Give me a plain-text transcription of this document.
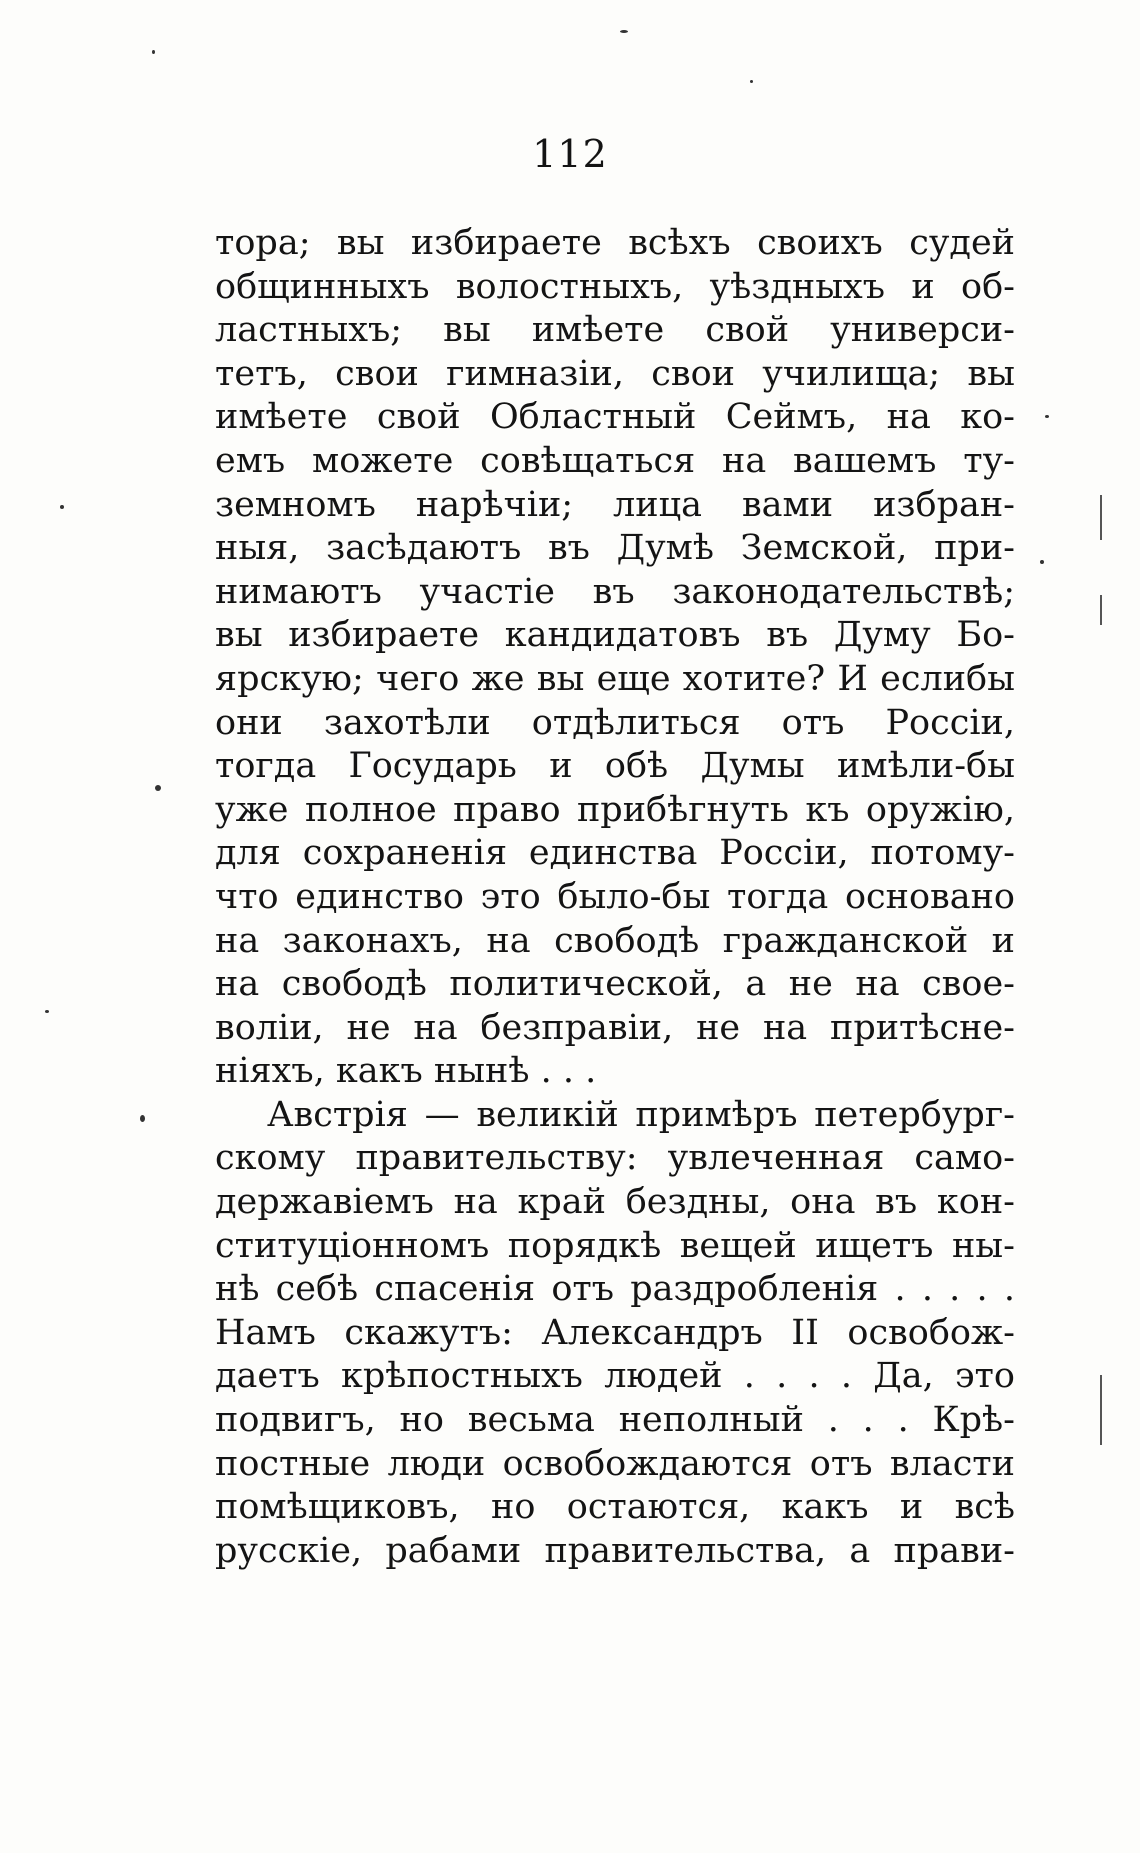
112
тора; вы избираете всѣхъ своихъ судей
общинныхъ волостныхъ, уѣздныхъ и об-
ластныхъ; вы имѣете свой универси-
тетъ, свои гимназіи, свои училища; вы
имѣете свой Областный Сеймъ, на ко-
емъ можете совѣщаться на вашемъ ту-
земномъ нарѣчіи; лица вами избран-
ныя, засѣдаютъ въ Думѣ Земской, при-
нимаютъ участіе въ законодательствѣ;
вы избираете кандидатовъ въ Думу Бо-
ярскую; чего же вы еще хотите? И еслибы
они захотѣли отдѣлиться отъ Россіи,
тогда Государь и обѣ Думы имѣли-бы
уже полное право прибѣгнуть къ оружію,
для сохраненія единства Россіи, потому-
что единство это было-бы тогда основано
на законахъ, на свободѣ гражданской и
на свободѣ политической, а не на свое-
воліи, не на безправіи, не на притѣсне-
ніяхъ, какъ нынѣ . . .
Австрія — великій примѣръ петербург-
скому правительству: увлеченная само-
державіемъ на край бездны, она въ кон-
ституціонномъ порядкѣ вещей ищетъ ны-
нѣ себѣ спасенія отъ раздробленія . . . . .
Намъ скажутъ: Александръ II освобож-
даетъ крѣпостныхъ людей . . . . Да, это
подвигъ, но весьма неполный . . . Крѣ-
постные люди освобождаются отъ власти
помѣщиковъ, но остаются, какъ и всѣ
русскіе, рабами правительства, а прави-
